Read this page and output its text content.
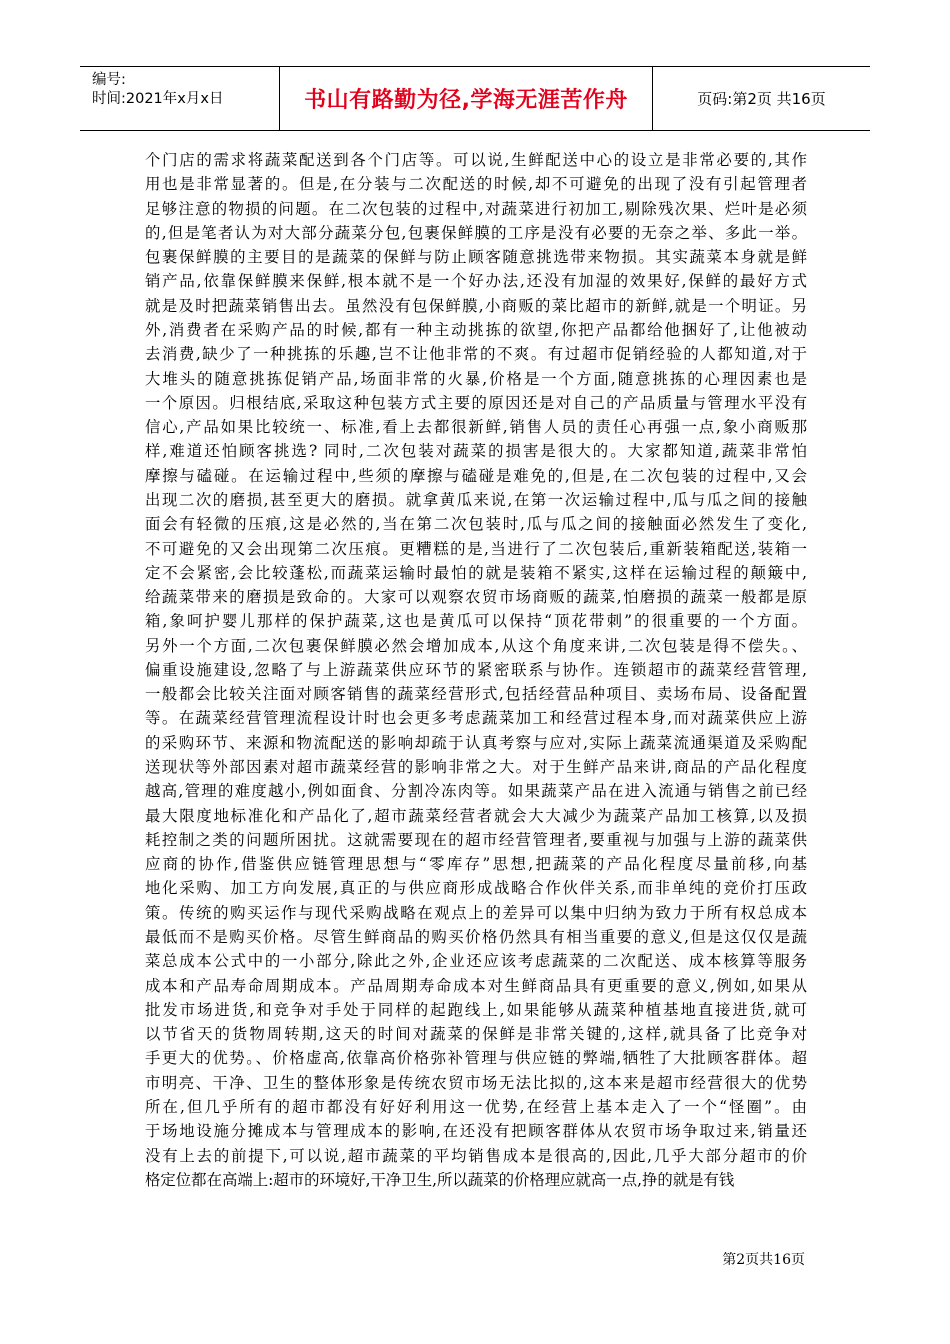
编号:
时间:2021年x月x日	书山有路勤为径,学海无涯苦作舟	页码:第2页 共16页
个门店的需求将蔬菜配送到各个门店等。可以说,生鲜配送中心的设立是非常必要的,其作
用也是非常显著的。但是,在分装与二次配送的时候,却不可避免的出现了没有引起管理者
足够注意的物损的问题。在二次包装的过程中,对蔬菜进行初加工,剔除残次果、烂叶是必须
的,但是笔者认为对大部分蔬菜分包,包裹保鲜膜的工序是没有必要的无奈之举、多此一举。
包裹保鲜膜的主要目的是蔬菜的保鲜与防止顾客随意挑选带来物损。其实蔬菜本身就是鲜
销产品,依靠保鲜膜来保鲜,根本就不是一个好办法,还没有加湿的效果好,保鲜的最好方式
就是及时把蔬菜销售出去。虽然没有包保鲜膜,小商贩的菜比超市的新鲜,就是一个明证。另
外,消费者在采购产品的时候,都有一种主动挑拣的欲望,你把产品都给他捆好了,让他被动
去消费,缺少了一种挑拣的乐趣,岂不让他非常的不爽。有过超市促销经验的人都知道,对于
大堆头的随意挑拣促销产品,场面非常的火暴,价格是一个方面,随意挑拣的心理因素也是
一个原因。归根结底,采取这种包装方式主要的原因还是对自己的产品质量与管理水平没有
信心,产品如果比较统一、标准,看上去都很新鲜,销售人员的责任心再强一点,象小商贩那
样,难道还怕顾客挑选? 同时,二次包装对蔬菜的损害是很大的。大家都知道,蔬菜非常怕
摩擦与磕碰。在运输过程中,些须的摩擦与磕碰是难免的,但是,在二次包装的过程中,又会
出现二次的磨损,甚至更大的磨损。就拿黄瓜来说,在第一次运输过程中,瓜与瓜之间的接触
面会有轻微的压痕,这是必然的,当在第二次包装时,瓜与瓜之间的接触面必然发生了变化,
不可避免的又会出现第二次压痕。更糟糕的是,当进行了二次包装后,重新装箱配送,装箱一
定不会紧密,会比较蓬松,而蔬菜运输时最怕的就是装箱不紧实,这样在运输过程的颠簸中,
给蔬菜带来的磨损是致命的。大家可以观察农贸市场商贩的蔬菜,怕磨损的蔬菜一般都是原
箱,象呵护婴儿那样的保护蔬菜,这也是黄瓜可以保持“顶花带刺”的很重要的一个方面。
另外一个方面,二次包裹保鲜膜必然会增加成本,从这个角度来讲,二次包装是得不偿失。、
偏重设施建设,忽略了与上游蔬菜供应环节的紧密联系与协作。连锁超市的蔬菜经营管理,
一般都会比较关注面对顾客销售的蔬菜经营形式,包括经营品种项目、卖场布局、设备配置
等。在蔬菜经营管理流程设计时也会更多考虑蔬菜加工和经营过程本身,而对蔬菜供应上游
的采购环节、来源和物流配送的影响却疏于认真考察与应对,实际上蔬菜流通渠道及采购配
送现状等外部因素对超市蔬菜经营的影响非常之大。对于生鲜产品来讲,商品的产品化程度
越高,管理的难度越小,例如面食、分割冷冻肉等。如果蔬菜产品在进入流通与销售之前已经
最大限度地标准化和产品化了,超市蔬菜经营者就会大大减少为蔬菜产品加工核算,以及损
耗控制之类的问题所困扰。这就需要现在的超市经营管理者,要重视与加强与上游的蔬菜供
应商的协作,借鉴供应链管理思想与“零库存”思想,把蔬菜的产品化程度尽量前移,向基
地化采购、加工方向发展,真正的与供应商形成战略合作伙伴关系,而非单纯的竞价打压政
策。传统的购买运作与现代采购战略在观点上的差异可以集中归纳为致力于所有权总成本
最低而不是购买价格。尽管生鲜商品的购买价格仍然具有相当重要的意义,但是这仅仅是蔬
菜总成本公式中的一小部分,除此之外,企业还应该考虑蔬菜的二次配送、成本核算等服务
成本和产品寿命周期成本。产品周期寿命成本对生鲜商品具有更重要的意义,例如,如果从
批发市场进货,和竞争对手处于同样的起跑线上,如果能够从蔬菜种植基地直接进货,就可
以节省天的货物周转期,这天的时间对蔬菜的保鲜是非常关键的,这样,就具备了比竞争对
手更大的优势。、价格虚高,依靠高价格弥补管理与供应链的弊端,牺牲了大批顾客群体。超
市明亮、干净、卫生的整体形象是传统农贸市场无法比拟的,这本来是超市经营很大的优势
所在,但几乎所有的超市都没有好好利用这一优势,在经营上基本走入了一个“怪圈”。由
于场地设施分摊成本与管理成本的影响,在还没有把顾客群体从农贸市场争取过来,销量还
没有上去的前提下,可以说,超市蔬菜的平均销售成本是很高的,因此,几乎大部分超市的价
格定位都在高端上:超市的环境好,干净卫生,所以蔬菜的价格理应就高一点,挣的就是有钱
第2页共16页
